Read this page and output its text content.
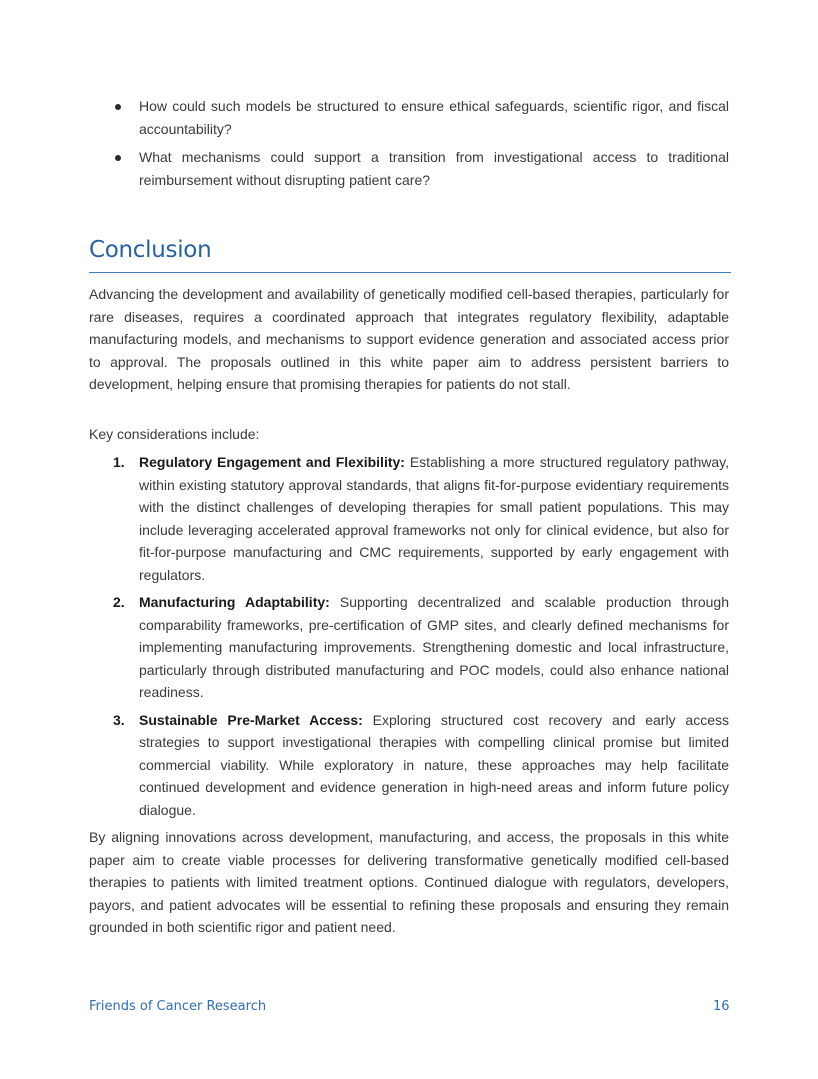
How could such models be structured to ensure ethical safeguards, scientific rigor, and fiscal accountability?
What mechanisms could support a transition from investigational access to traditional reimbursement without disrupting patient care?
Conclusion

Advancing the development and availability of genetically modified cell-based therapies, particularly for rare diseases, requires a coordinated approach that integrates regulatory flexibility, adaptable manufacturing models, and mechanisms to support evidence generation and associated access prior to approval. The proposals outlined in this white paper aim to address persistent barriers to development, helping ensure that promising therapies for patients do not stall.

Key considerations include:

1. Regulatory Engagement and Flexibility: Establishing a more structured regulatory pathway, within existing statutory approval standards, that aligns fit-for-purpose evidentiary requirements with the distinct challenges of developing therapies for small patient populations. This may include leveraging accelerated approval frameworks not only for clinical evidence, but also for fit-for-purpose manufacturing and CMC requirements, supported by early engagement with regulators.
2. Manufacturing Adaptability: Supporting decentralized and scalable production through comparability frameworks, pre-certification of GMP sites, and clearly defined mechanisms for implementing manufacturing improvements. Strengthening domestic and local infrastructure, particularly through distributed manufacturing and POC models, could also enhance national readiness.
3. Sustainable Pre-Market Access: Exploring structured cost recovery and early access strategies to support investigational therapies with compelling clinical promise but limited commercial viability. While exploratory in nature, these approaches may help facilitate continued development and evidence generation in high-need areas and inform future policy dialogue.

By aligning innovations across development, manufacturing, and access, the proposals in this white paper aim to create viable processes for delivering transformative genetically modified cell-based therapies to patients with limited treatment options. Continued dialogue with regulators, developers, payors, and patient advocates will be essential to refining these proposals and ensuring they remain grounded in both scientific rigor and patient need.

Friends of Cancer Research	16
